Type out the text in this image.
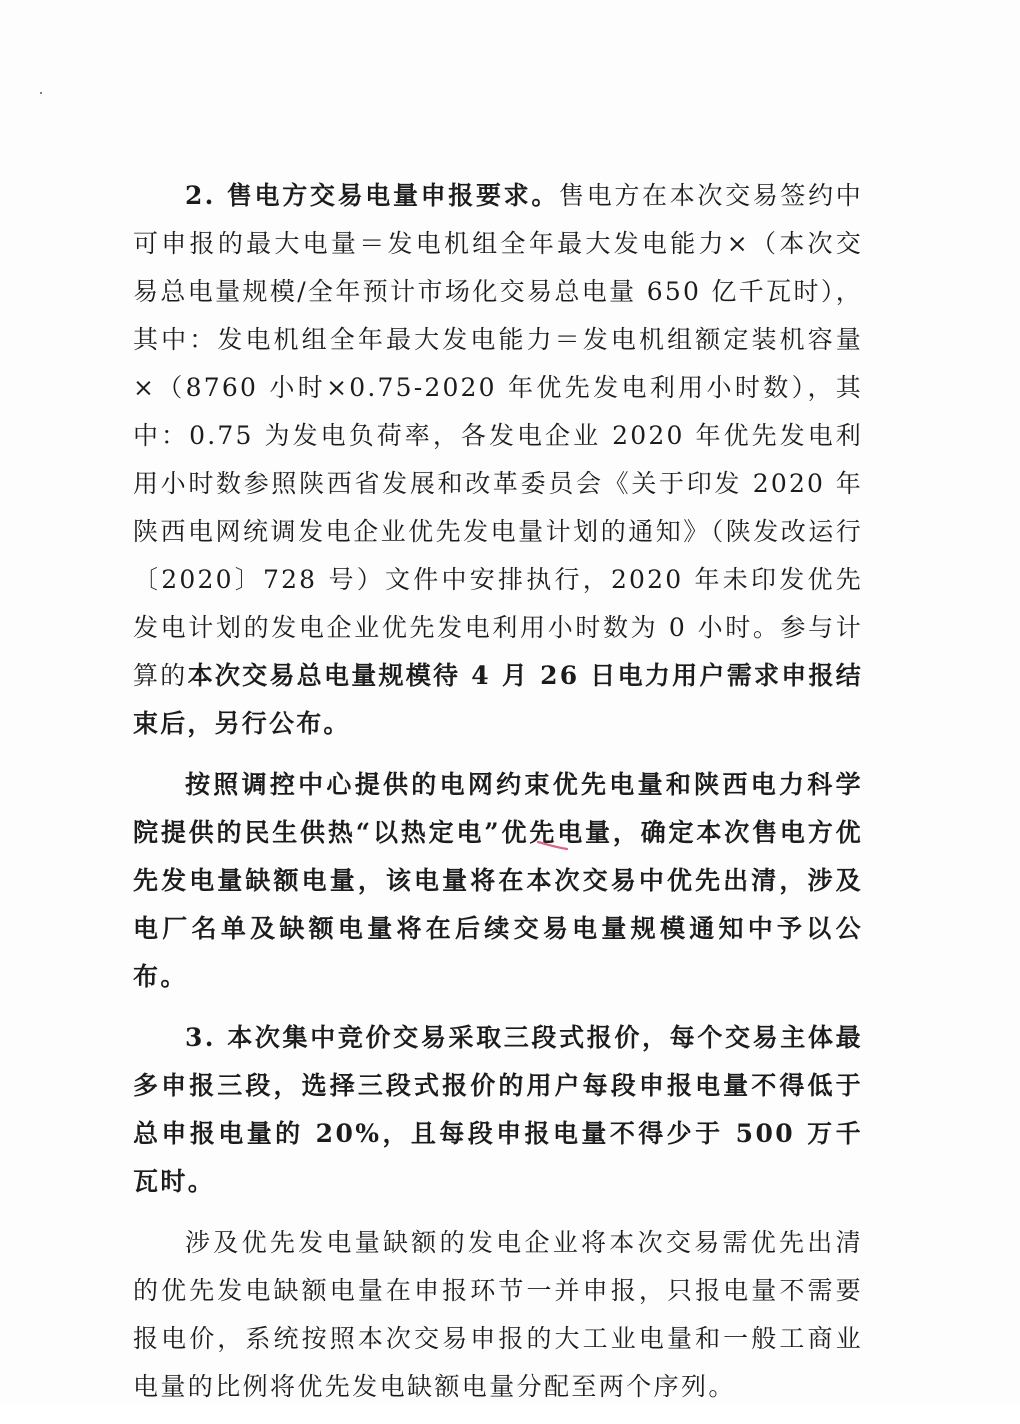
2. 售电方交易电量申报要求。售电方在本次交易签约中可申报的最大电量＝发电机组全年最大发电能力×（本次交易总电量规模/全年预计市场化交易总电量 650 亿千瓦时），其中：发电机组全年最大发电能力＝发电机组额定装机容量×（8760 小时×0.75-2020 年优先发电利用小时数），其中：0.75 为发电负荷率，各发电企业 2020 年优先发电利用小时数参照陕西省发展和改革委员会《关于印发 2020 年陕西电网统调发电企业优先发电量计划的通知》（陕发改运行〔2020〕728 号）文件中安排执行，2020 年未印发优先发电计划的发电企业优先发电利用小时数为 0 小时。参与计算的本次交易总电量规模待 4 月 26 日电力用户需求申报结束后，另行公布。

按照调控中心提供的电网约束优先电量和陕西电力科学院提供的民生供热“以热定电”优先电量，确定本次售电方优先发电量缺额电量，该电量将在本次交易中优先出清，涉及电厂名单及缺额电量将在后续交易电量规模通知中予以公布。

3. 本次集中竞价交易采取三段式报价，每个交易主体最多申报三段，选择三段式报价的用户每段申报电量不得低于总申报电量的 20%，且每段申报电量不得少于 500 万千瓦时。

涉及优先发电量缺额的发电企业将本次交易需优先出清的优先发电缺额电量在申报环节一并申报，只报电量不需要报电价，系统按照本次交易申报的大工业电量和一般工商业电量的比例将优先发电缺额电量分配至两个序列。
